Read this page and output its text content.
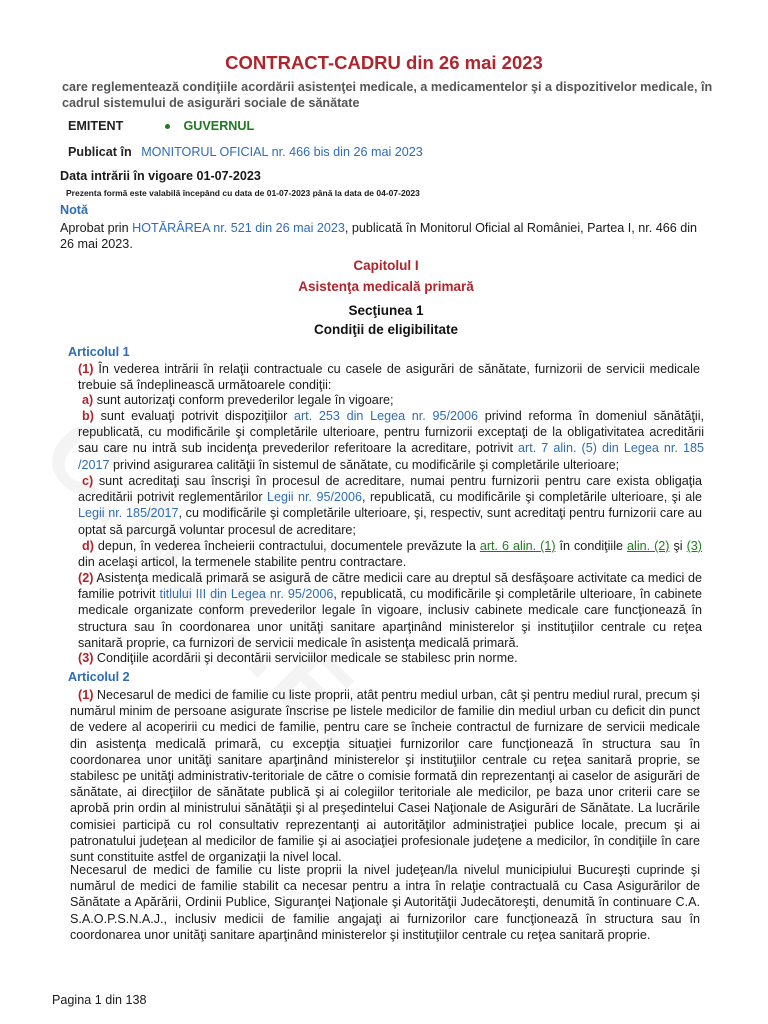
CONTRACT-CADRU din 26 mai 2023
care reglementează condiţiile acordării asistenţei medicale, a medicamentelor şi a dispozitivelor medicale, în cadrul sistemului de asigurări sociale de sănătate
EMITENT	GUVERNUL
Publicat în MONITORUL OFICIAL nr. 466 bis din 26 mai 2023
Data intrării în vigoare 01-07-2023
Prezenta formă este valabilă începând cu data de 01-07-2023 până la data de 04-07-2023
Notă
Aprobat prin HOTĂRÂREA nr. 521 din 26 mai 2023, publicată în Monitorul Oficial al României, Partea I, nr. 466 din 26 mai 2023.
Capitolul I
Asistenţa medicală primară
Secţiunea 1
Condiţii de eligibilitate
Articolul 1
(1) În vederea intrării în relaţii contractuale cu casele de asigurări de sănătate, furnizorii de servicii medicale trebuie să îndeplinească următoarele condiţii:
a) sunt autorizaţi conform prevederilor legale în vigoare;
b) sunt evaluaţi potrivit dispoziţiilor art. 253 din Legea nr. 95/2006 privind reforma în domeniul sănătăţii, republicată, cu modificările şi completările ulterioare, pentru furnizorii exceptaţi de la obligativitatea acreditării sau care nu intră sub incidenţa prevederilor referitoare la acreditare, potrivit art. 7 alin. (5) din Legea nr. 185 /2017 privind asigurarea calităţii în sistemul de sănătate, cu modificările şi completările ulterioare;
c) sunt acreditaţi sau înscrişi în procesul de acreditare, numai pentru furnizorii pentru care exista obligaţia acreditării potrivit reglementărilor Legii nr. 95/2006, republicată, cu modificările şi completările ulterioare, şi ale Legii nr. 185/2017, cu modificările şi completările ulterioare, şi, respectiv, sunt acreditaţi pentru furnizorii care au optat să parcurgă voluntar procesul de acreditare;
d) depun, în vederea încheierii contractului, documentele prevăzute la art. 6 alin. (1) în condiţiile alin. (2) şi (3) din acelaşi articol, la termenele stabilite pentru contractare.
(2) Asistenţa medicală primară se asigură de către medicii care au dreptul să desfăşoare activitate ca medici de familie potrivit titlului III din Legea nr. 95/2006, republicată, cu modificările şi completările ulterioare, în cabinete medicale organizate conform prevederilor legale în vigoare, inclusiv cabinete medicale care funcţionează în structura sau în coordonarea unor unităţi sanitare aparţinând ministerelor şi instituţiilor centrale cu reţea sanitară proprie, ca furnizori de servicii medicale în asistenţa medicală primară.
(3) Condiţiile acordării şi decontării serviciilor medicale se stabilesc prin norme.
Articolul 2
(1) Necesarul de medici de familie cu liste proprii, atât pentru mediul urban, cât şi pentru mediul rural, precum şi numărul minim de persoane asigurate înscrise pe listele medicilor de familie din mediul urban cu deficit din punct de vedere al acoperirii cu medici de familie, pentru care se încheie contractul de furnizare de servicii medicale din asistenţa medicală primară, cu excepţia situaţiei furnizorilor care funcţionează în structura sau în coordonarea unor unităţi sanitare aparţinând ministerelor şi instituţiilor centrale cu reţea sanitară proprie, se stabilesc pe unităţi administrativ-teritoriale de către o comisie formată din reprezentanţi ai caselor de asigurări de sănătate, ai direcţiilor de sănătate publică şi ai colegiilor teritoriale ale medicilor, pe baza unor criterii care se aprobă prin ordin al ministrului sănătăţii şi al preşedintelui Casei Naţionale de Asigurări de Sănătate. La lucrările comisiei participă cu rol consultativ reprezentanţi ai autorităţilor administraţiei publice locale, precum şi ai patronatului judeţean al medicilor de familie şi ai asociaţiei profesionale judeţene a medicilor, în condiţiile în care sunt constituite astfel de organizaţii la nivel local.
Necesarul de medici de familie cu liste proprii la nivel judeţean/la nivelul municipiului Bucureşti cuprinde şi numărul de medici de familie stabilit ca necesar pentru a intra în relaţie contractuală cu Casa Asigurărilor de Sănătate a Apărării, Ordinii Publice, Siguranţei Naţionale şi Autorităţii Judecătoreşti, denumită în continuare C.A. S.A.O.P.S.N.A.J., inclusiv medicii de familie angajaţi ai furnizorilor care funcţionează în structura sau în coordonarea unor unităţi sanitare aparţinând ministerelor şi instituţiilor centrale cu reţea sanitară proprie.
Pagina 1 din 138
